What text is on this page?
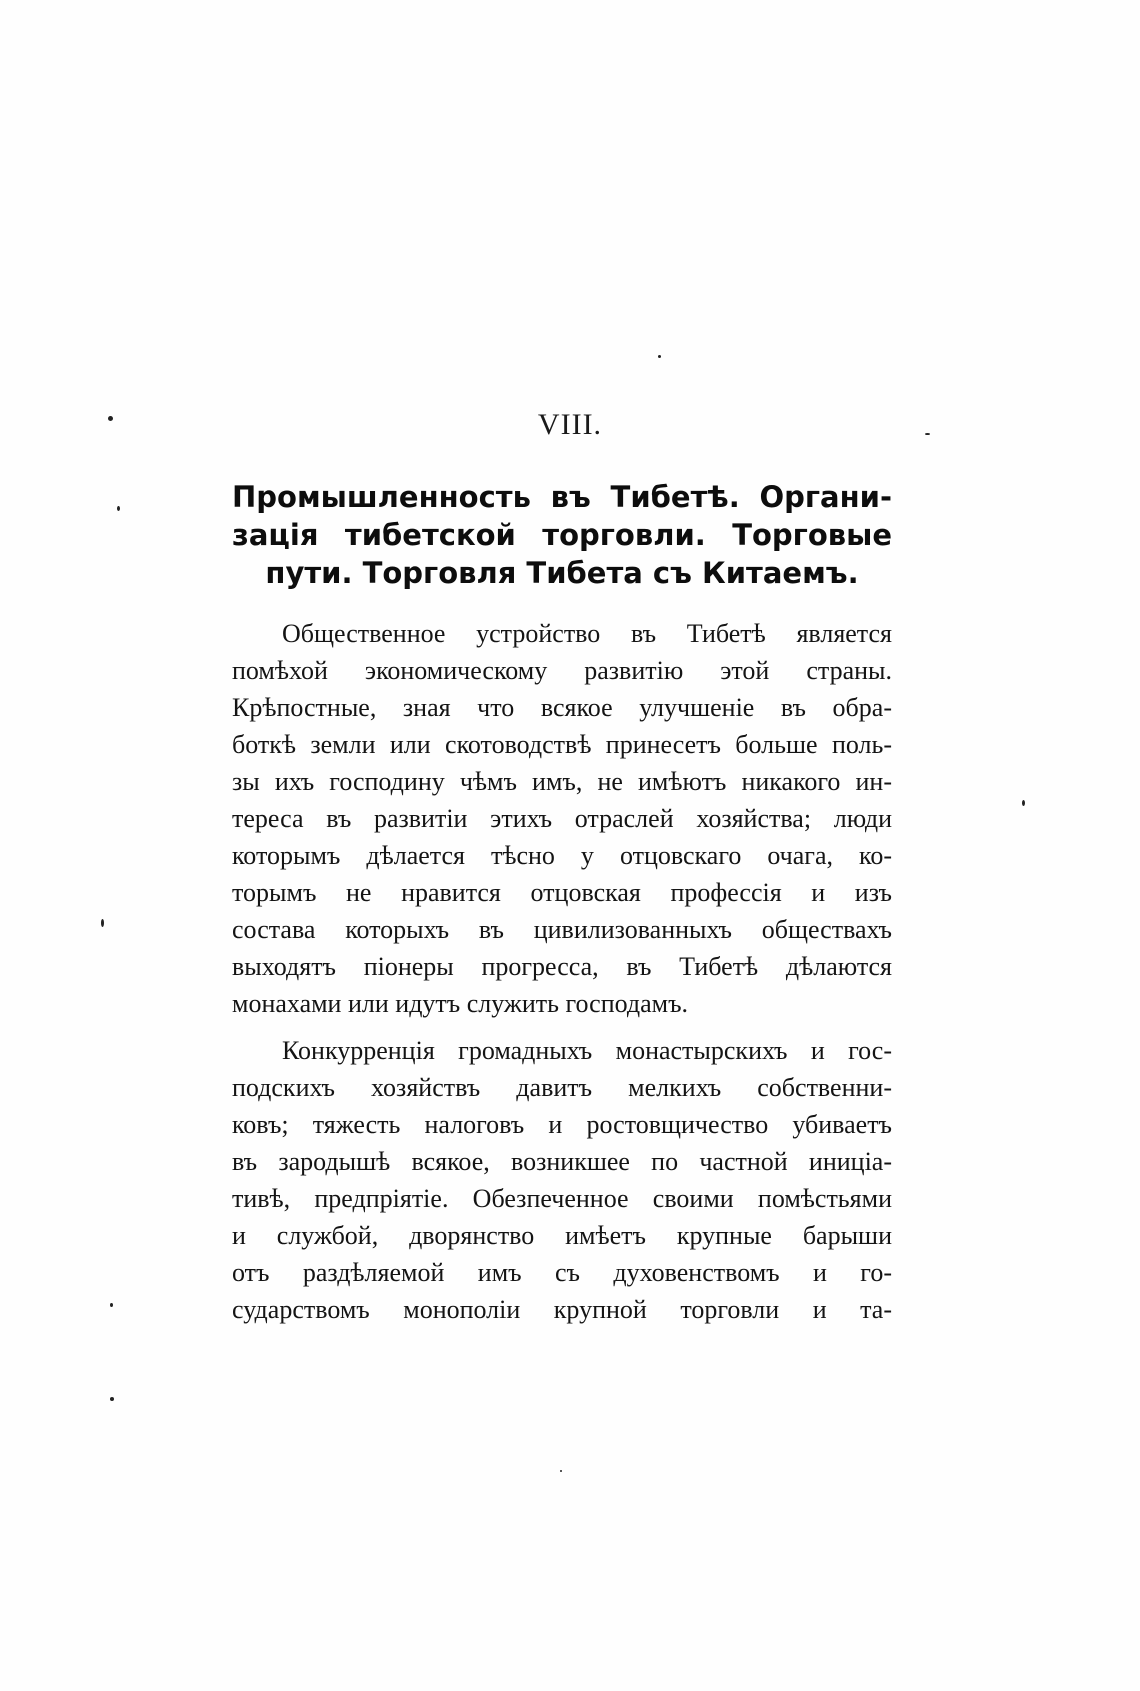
VIII.
Промышленность въ Тибетѣ. Органи-
зація тибетской торговли. Торговые
пути. Торговля Тибета съ Китаемъ.
Общественное устройство въ Тибетѣ является
помѣхой экономическому развитію этой страны.
Крѣпостные, зная что всякое улучшеніе въ обра-
боткѣ земли или скотоводствѣ принесетъ больше поль-
зы ихъ господину чѣмъ имъ, не имѣютъ никакого ин-
тереса въ развитіи этихъ отраслей хозяйства; люди
которымъ дѣлается тѣсно у отцовскаго очага, ко-
торымъ не нравится отцовская профессія и изъ
состава которыхъ въ цивилизованныхъ обществахъ
выходятъ піонеры прогресса, въ Тибетѣ дѣлаются
монахами или идутъ служить господамъ.
Конкурренція громадныхъ монастырскихъ и гос-
подскихъ хозяйствъ давитъ мелкихъ собственни-
ковъ; тяжесть налоговъ и ростовщичество убиваетъ
въ зародышѣ всякое, возникшее по частной иниціа-
тивѣ, предпріятіе. Обезпеченное своими помѣстьями
и службой, дворянство имѣетъ крупные барыши
отъ раздѣляемой имъ съ духовенствомъ и го-
сударствомъ монополіи крупной торговли и та-
